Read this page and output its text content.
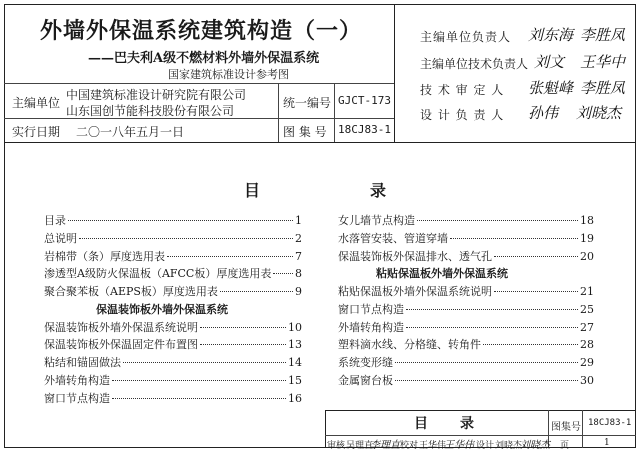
外墙外保温系统建筑构造（一）
——巴夫利A级不燃材料外墙外保温系统
国家建筑标准设计参考图
主编单位
中国建筑标准设计研究院有限公司
山东国创节能科技股份有限公司
统一编号 GJCT-173
实行日期 二〇一八年五月一日	图 集 号 18CJ83-1
主编单位负责人 刘东海 李胜凤
主编单位技术负责人 刘文 王华中
技 术 审 定 人 张魁峰 李胜凤
设 计 负 责 人 孙伟 刘晓杰
目	录
目录	1
总说明	2
岩棉带（条）厚度选用表	7
渗透型A级防火保温板（AFCC板）厚度选用表 8
聚合聚苯板（AEPS板）厚度选用表	9
保温装饰板外墙外保温系统
保温装饰板外墙外保温系统说明	10
保温装饰板外保温固定件布置图	13
粘结和锚固做法	14
外墙转角构造	15
窗口节点构造	16
女儿墙节点构造	18
水落管安装、管道穿墙	19
保温装饰板外保温排水、透气孔	20
粘贴保温板外墙外保温系统
粘贴保温板外墙外保温系统说明	21
窗口节点构造	25
外墙转角构造	27
塑料滴水线、分格缝、转角件	28
系统变形缝	29
金属窗台板	30
目 录	图集号 18CJ83-1
审核 吴理直
李理直 校对 王华伟
王华伟 设计 刘晓杰
刘晓杰 页	1
